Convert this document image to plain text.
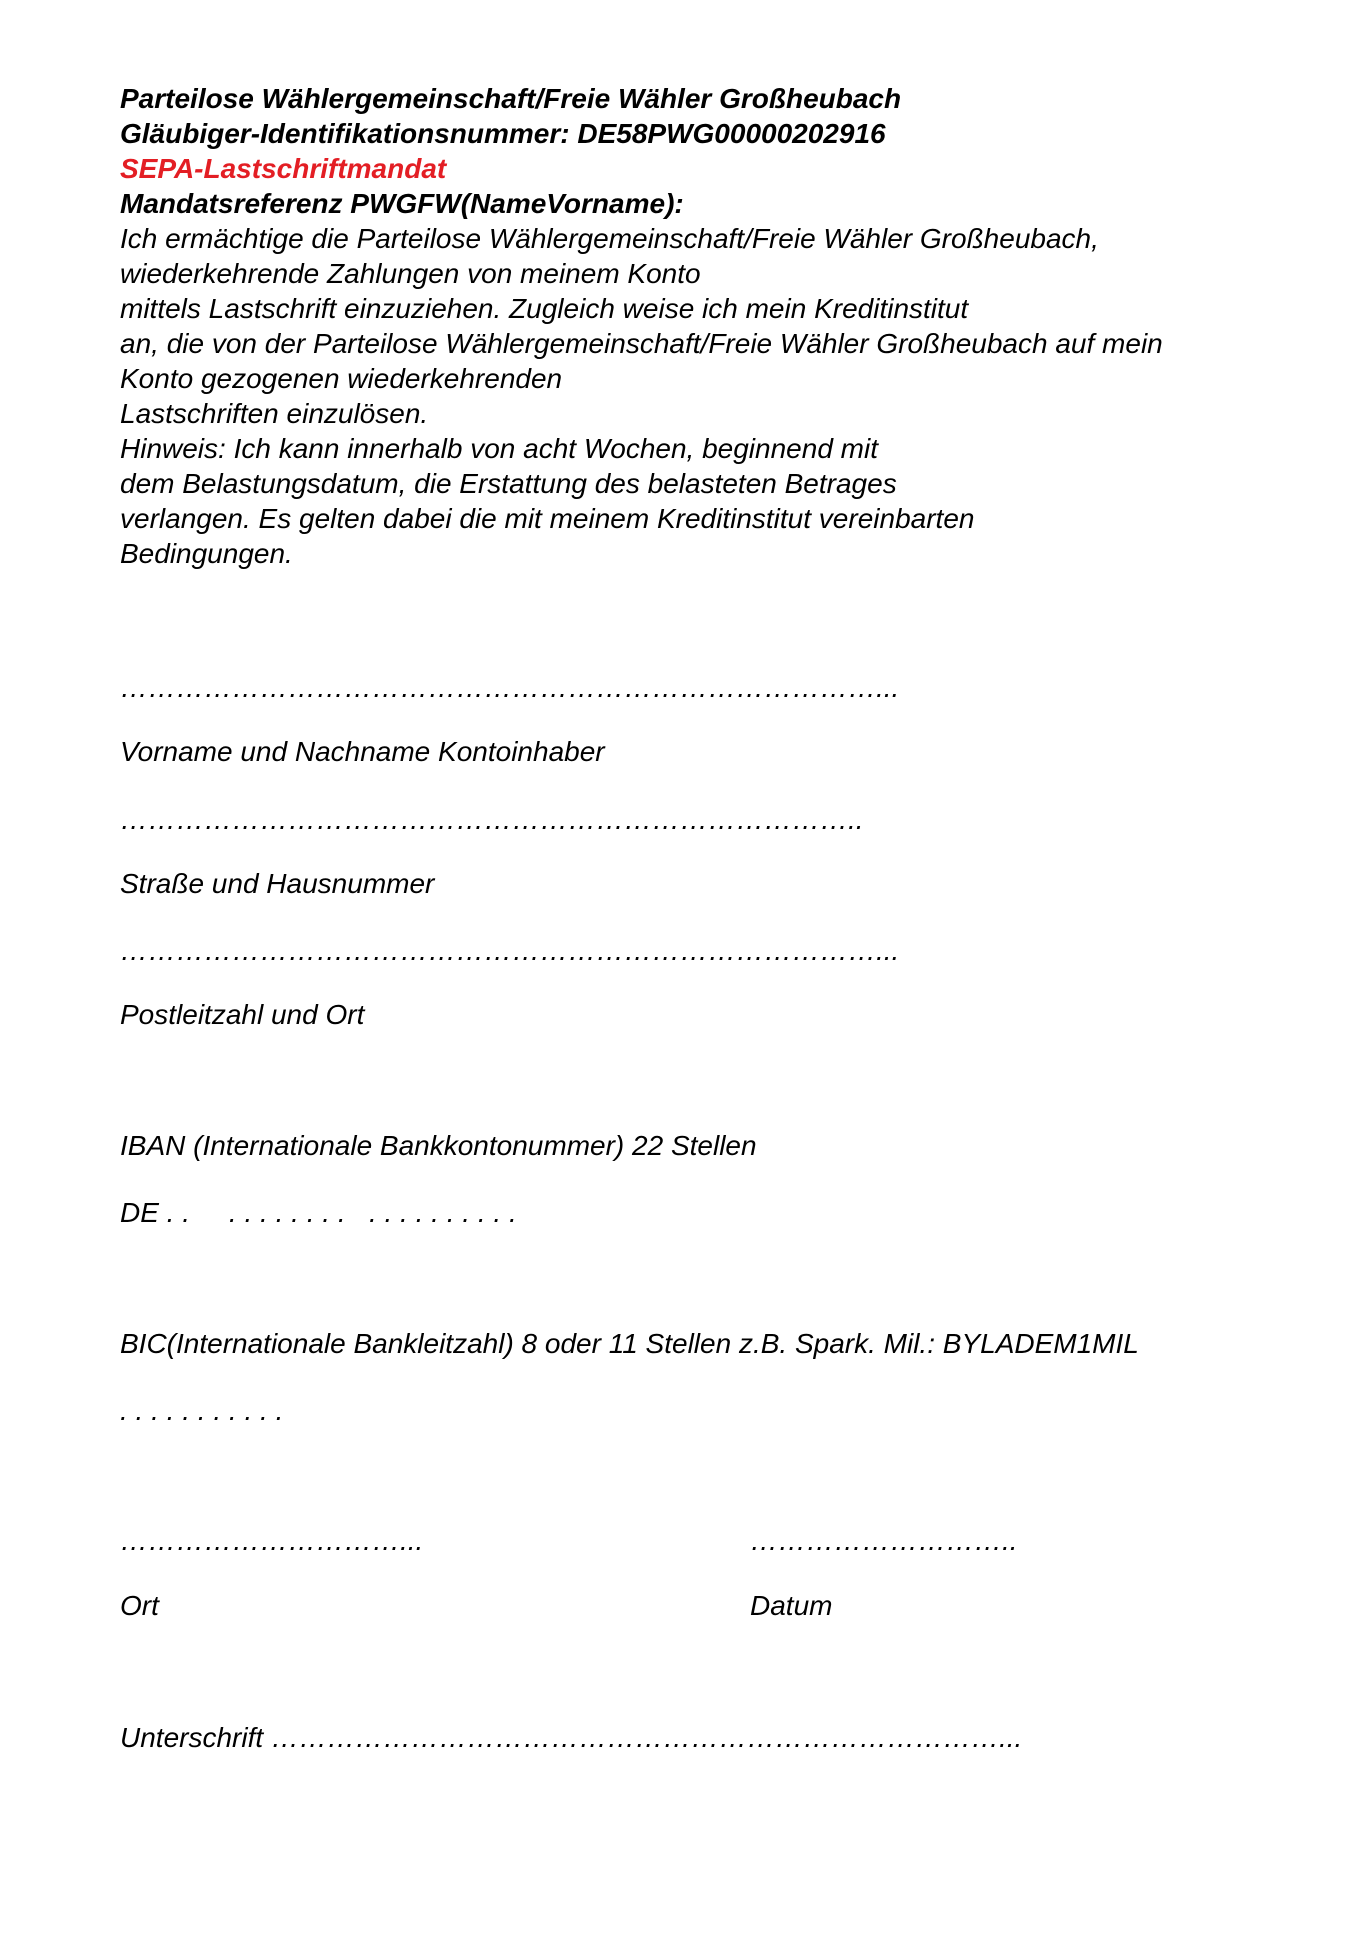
Parteilose Wählergemeinschaft/Freie Wähler Großheubach
Gläubiger-Identifikationsnummer: DE58PWG00000202916
SEPA-Lastschriftmandat
Mandatsreferenz PWGFW(NameVorname):
Ich ermächtige die Parteilose Wählergemeinschaft/Freie Wähler Großheubach,
wiederkehrende Zahlungen von meinem Konto
mittels Lastschrift einzuziehen. Zugleich weise ich mein Kreditinstitut
an, die von der Parteilose Wählergemeinschaft/Freie Wähler Großheubach auf mein
Konto gezogenen wiederkehrenden
Lastschriften einzulösen.
Hinweis: Ich kann innerhalb von acht Wochen, beginnend mit
dem Belastungsdatum, die Erstattung des belasteten Betrages
verlangen. Es gelten dabei die mit meinem Kreditinstitut vereinbarten
Bedingungen.
………………………………………………………………………...
Vorname und Nachname Kontoinhaber
……………………………………………………………………..
Straße und Hausnummer
………………………………………………………………………...
Postleitzahl und Ort
IBAN (Internationale Bankkontonummer) 22 Stellen
DE . .     . . . . . . . .   . . . . . . . . . .
BIC(Internationale Bankleitzahl) 8 oder 11 Stellen z.B. Spark. Mil.: BYLADEM1MIL
. . . . . . . . . . .
…………………………...	………………………..
Ort	Datum
Unterschrift ……………………………………………………………………...
